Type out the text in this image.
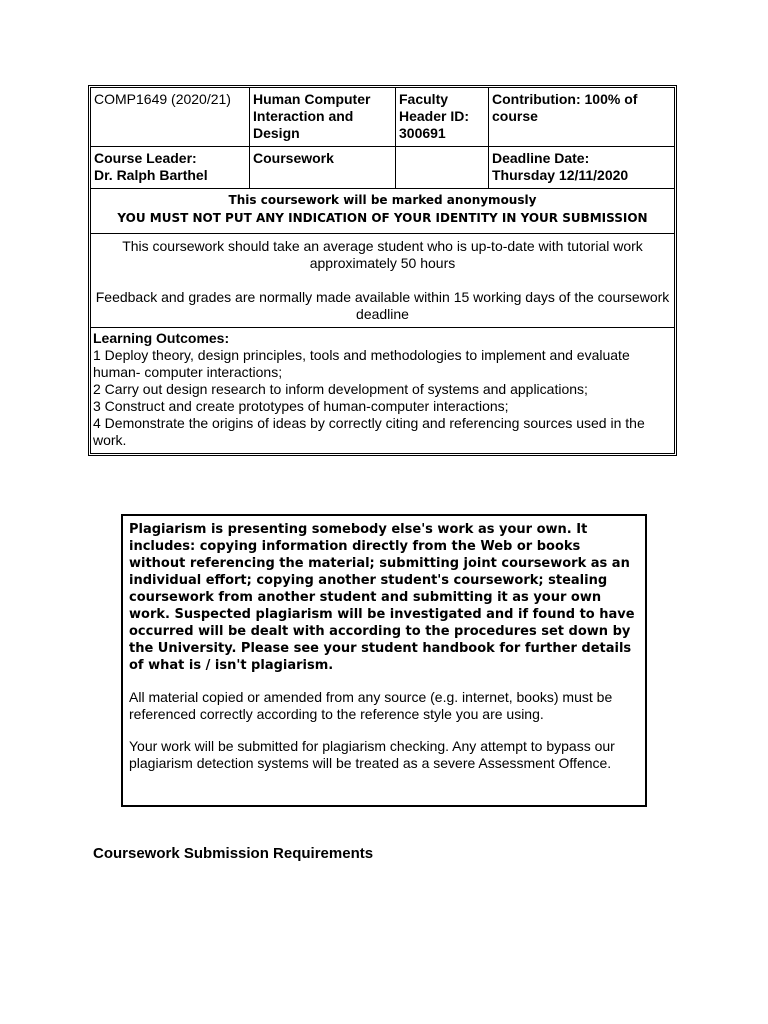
COMP1649 (2020/21)	Human Computer Interaction and Design
Faculty Header ID: 300691
Contribution: 100% of course
Course Leader:
Dr. Ralph Barthel
Coursework	Deadline Date:
Thursday 12/11/2020
This coursework will be marked anonymously
YOU MUST NOT PUT ANY INDICATION OF YOUR IDENTITY IN YOUR SUBMISSION

This coursework should take an average student who is up-to-date with tutorial work approximately 50 hours

Feedback and grades are normally made available within 15 working days of the coursework deadline

Learning Outcomes:
1 Deploy theory, design principles, tools and methodologies to implement and evaluate human- computer interactions;
2 Carry out design research to inform development of systems and applications;
3 Construct and create prototypes of human-computer interactions;
4 Demonstrate the origins of ideas by correctly citing and referencing sources used in the work.
Plagiarism is presenting somebody else's work as your own. It includes: copying information directly from the Web or books without referencing the material; submitting joint coursework as an individual effort; copying another student's coursework; stealing coursework from another student and submitting it as your own work. Suspected plagiarism will be investigated and if found to have occurred will be dealt with according to the procedures set down by the University. Please see your student handbook for further details of what is / isn't plagiarism.
All material copied or amended from any source (e.g. internet, books) must be referenced correctly according to the reference style you are using.
Your work will be submitted for plagiarism checking. Any attempt to bypass our plagiarism detection systems will be treated as a severe Assessment Offence.
Coursework Submission Requirements
